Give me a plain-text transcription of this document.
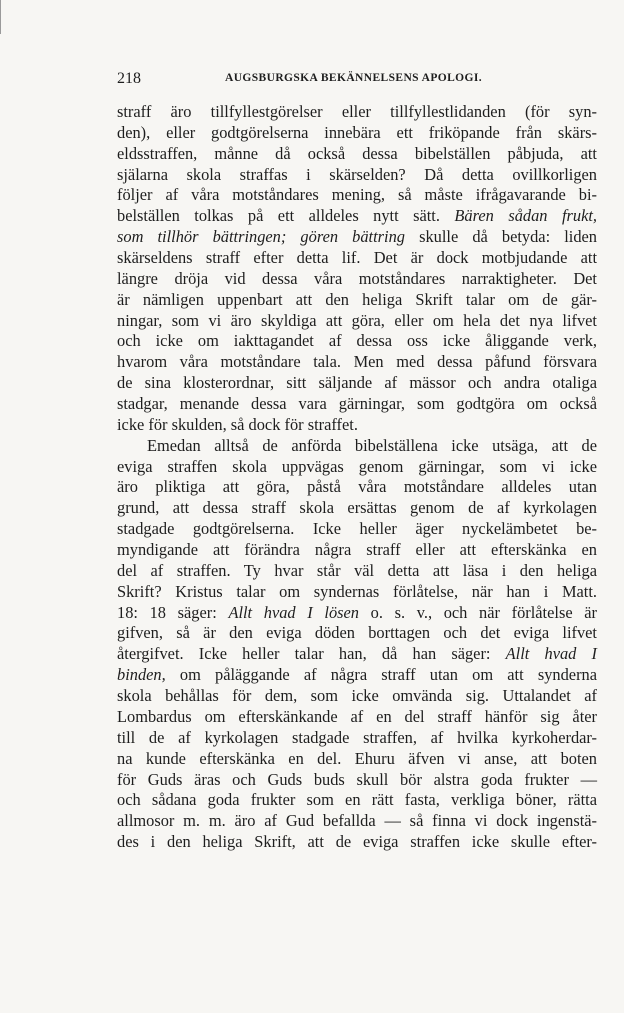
218	AUGSBURGSKA BEKÄNNELSENS APOLOGI.
straff äro tillfyllestgörelser eller tillfyllestlidanden (för syn-
den), eller godtgörelserna innebära ett friköpande från skärs-
eldsstraffen, månne då också dessa bibelställen påbjuda, att
själarna skola straffas i skärselden? Då detta ovillkorligen
följer af våra motståndares mening, så måste ifrågavarande bi-
belställen tolkas på ett alldeles nytt sätt. Bären sådan frukt,
som tillhör bättringen; gören bättring skulle då betyda: liden
skärseldens straff efter detta lif. Det är dock motbjudande att
längre dröja vid dessa våra motståndares narraktigheter. Det
är nämligen uppenbart att den heliga Skrift talar om de gär-
ningar, som vi äro skyldiga att göra, eller om hela det nya lifvet
och icke om iakttagandet af dessa oss icke åliggande verk,
hvarom våra motståndare tala. Men med dessa påfund försvara
de sina klosterordnar, sitt säljande af mässor och andra otaliga
stadgar, menande dessa vara gärningar, som godtgöra om också
icke för skulden, så dock för straffet.
Emedan alltså de anförda bibelställena icke utsäga, att de
eviga straffen skola uppvägas genom gärningar, som vi icke
äro pliktiga att göra, påstå våra motståndare alldeles utan
grund, att dessa straff skola ersättas genom de af kyrkolagen
stadgade godtgörelserna. Icke heller äger nyckelämbetet be-
myndigande att förändra några straff eller att efterskänka en
del af straffen. Ty hvar står väl detta att läsa i den heliga
Skrift? Kristus talar om syndernas förlåtelse, när han i Matt.
18: 18 säger: Allt hvad I lösen o. s. v., och när förlåtelse är
gifven, så är den eviga döden borttagen och det eviga lifvet
återgifvet. Icke heller talar han, då han säger: Allt hvad I
binden, om påläggande af några straff utan om att synderna
skola behållas för dem, som icke omvända sig. Uttalandet af
Lombardus om efterskänkande af en del straff hänför sig åter
till de af kyrkolagen stadgade straffen, af hvilka kyrkoherdar-
na kunde efterskänka en del. Ehuru äfven vi anse, att boten
för Guds äras och Guds buds skull bör alstra goda frukter —
och sådana goda frukter som en rätt fasta, verkliga böner, rätta
allmosor m. m. äro af Gud befallda — så finna vi dock ingenstä-
des i den heliga Skrift, att de eviga straffen icke skulle efter-
